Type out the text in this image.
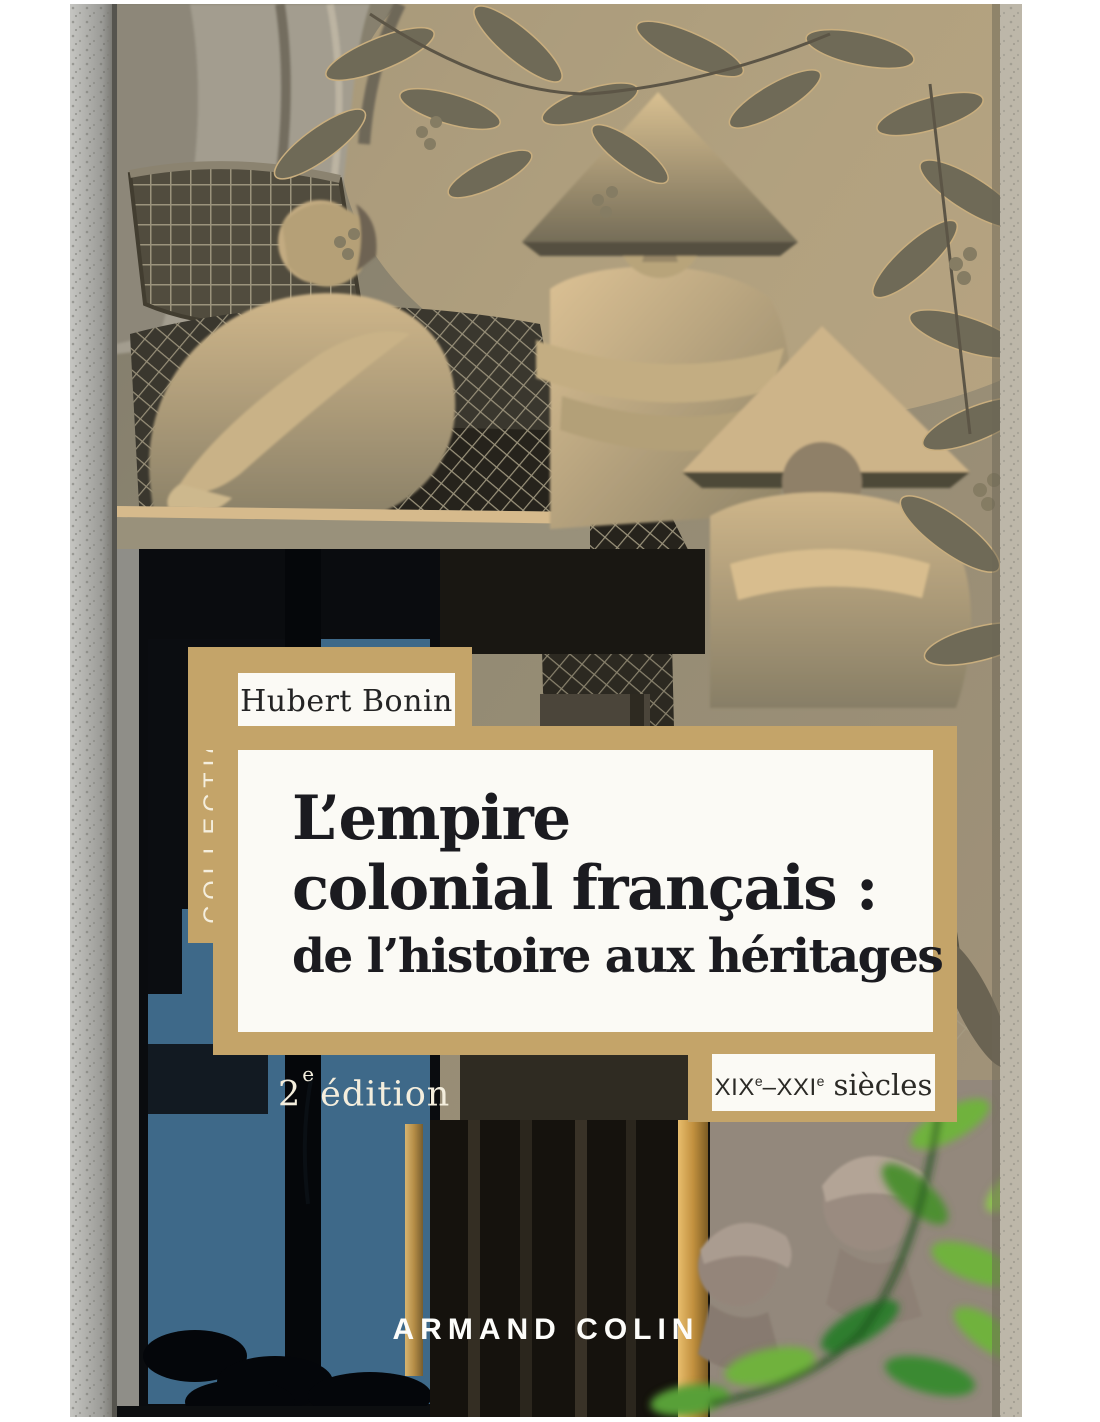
Hubert Bonin
L’empire
colonial français :
de l’histoire aux héritages
2eédition	XIXe – XXIe siècles
ARMAND COLIN
